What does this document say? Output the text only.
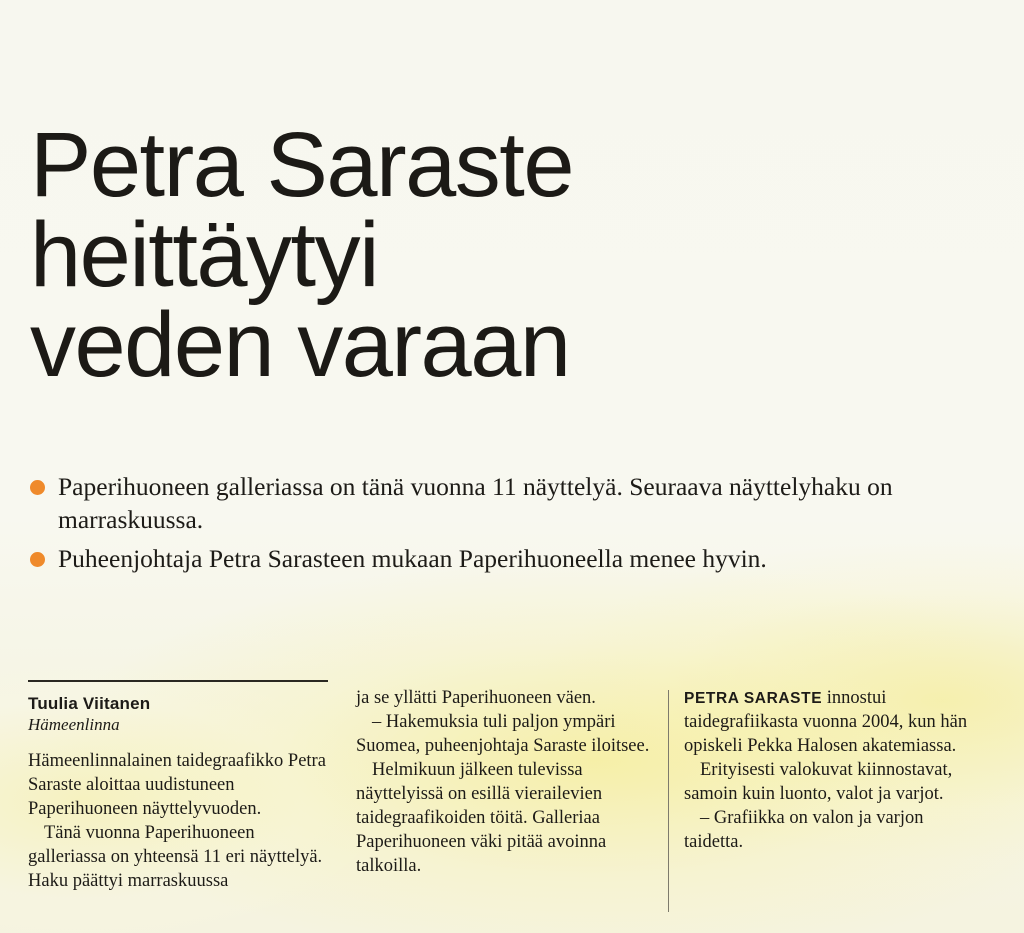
Petra Saraste
heittäytyi
veden varaan
Paperihuoneen galleriassa on tänä vuonna 11 näyttelyä. Seuraava näyttelyhaku on marraskuussa.
Puheenjohtaja Petra Sarasteen mukaan Paperihuoneella menee hyvin.
Tuulia Viitanen
Hämeenlinna

Hämeenlinnalainen taidegraafikko Petra Saraste aloittaa uudistuneen Paperihuoneen näyttelyvuoden.

Tänä vuonna Paperihuoneen galleriassa on yhteensä 11 eri näyttelyä. Haku päättyi marraskuussa

ja se yllätti Paperihuoneen väen.

– Hakemuksia tuli paljon ympäri Suomea, puheenjohtaja Saraste iloitsee.

Helmikuun jälkeen tulevissa näyttelyissä on esillä vierailevien taidegraafikoiden töitä. Galleriaa Paperihuoneen väki pitää avoinna talkoilla.

PETRA SARASTE innostui taidegrafiikasta vuonna 2004, kun hän opiskeli Pekka Halosen akatemiassa.

Erityisesti valokuvat kiinnostavat, samoin kuin luonto, valot ja varjot.

– Grafiikka on valon ja varjon taidetta.
